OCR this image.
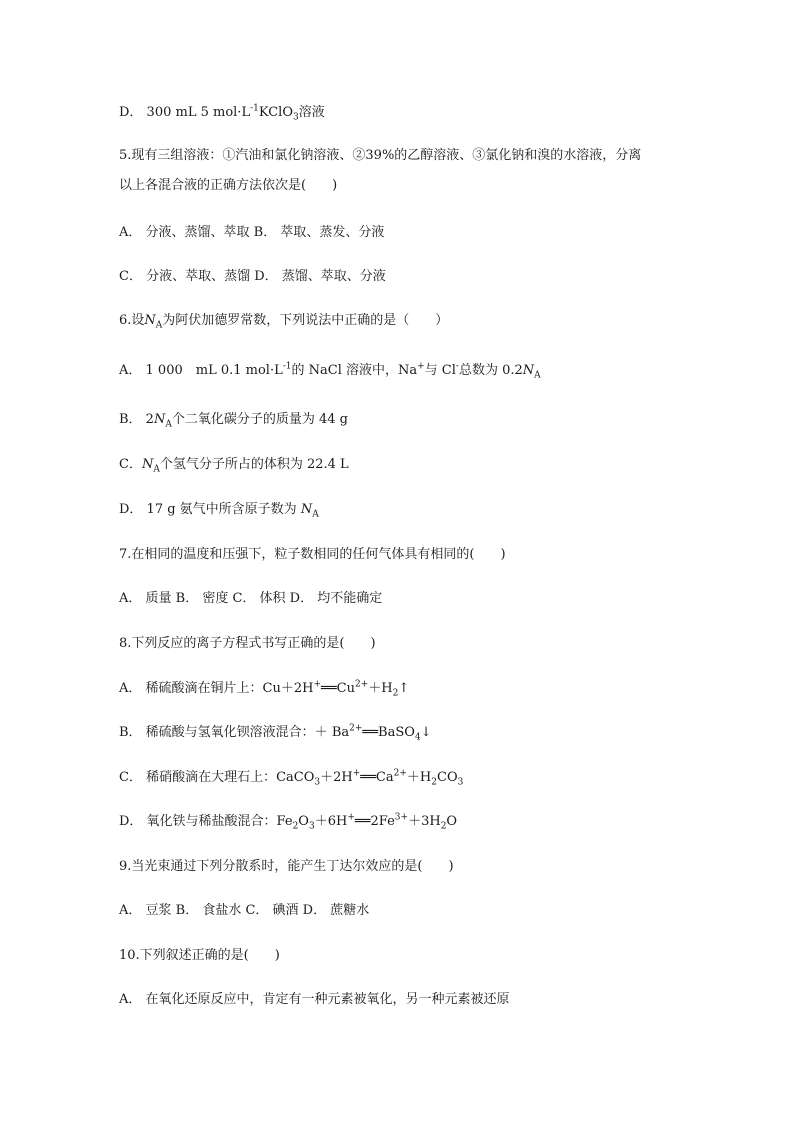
D． 300 mL 5 $mol\cdot L^{-1}KClO_3$溶液
5.现有三组溶液：①汽油和氯化钠溶液、②39%的乙醇溶液、③氯化钠和溴的水溶液，分离
以上各混合液的正确方法依次是(　　)
A． 分液、蒸馏、萃取 B． 萃取、蒸发、分液
C． 分液、萃取、蒸馏 D． 蒸馏、萃取、分液
6.设$N_A$为阿伏加德罗常数，下列说法中正确的是（　　）
A． 1 000　mL 0.1 $mol\cdot L^{-1}$的 NaCl 溶液中，Na+与 Cl-总数为 $0.2N_A$
B． $2N_A$个二氧化碳分子的质量为 44 g
C．$N_A$个氢气分子所占的体积为 22.4 L
D． 17 g 氨气中所含原子数为 $N_A$
7.在相同的温度和压强下，粒子数相同的任何气体具有相同的(　　)
A． 质量 B． 密度 C． 体积 D． 均不能确定
8.下列反应的离子方程式书写正确的是(　　)
A． 稀硫酸滴在铜片上：$Cu+2H^+══Cu^{2+}+H_2↑$
B． 稀硫酸与氢氧化钡溶液混合：＋ $Ba^{2+}══BaSO_4↓$
C． 稀硝酸滴在大理石上：$CaCO_3+2H^+══Ca^{2+}+H_2CO_3$
D． 氧化铁与稀盐酸混合：$Fe_2O_3+6H^+══2Fe^{3+}+3H_2O$
9.当光束通过下列分散系时，能产生丁达尔效应的是(　　)
A． 豆浆 B． 食盐水 C． 碘酒 D． 蔗糖水
10.下列叙述正确的是(　　)
A． 在氧化还原反应中，肯定有一种元素被氧化，另一种元素被还原
